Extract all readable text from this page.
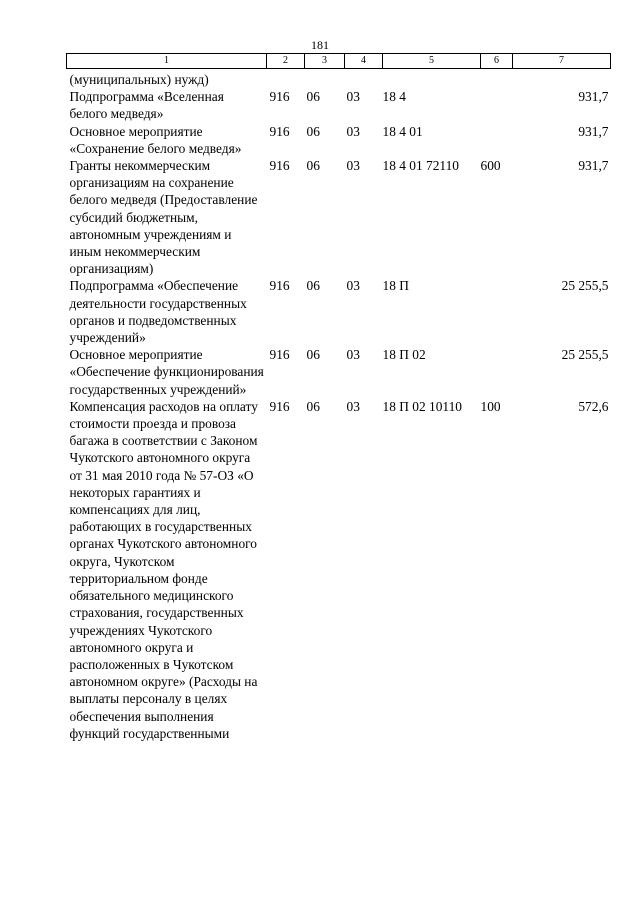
181
1	2	3	4	5	6	7
(муниципальных) нужд)						
Подпрограмма «Вселенная белого медведя»	916	06	03	18 4		931,7
Основное мероприятие «Сохранение белого медведя»	916	06	03	18 4 01		931,7
Гранты некоммерческим организациям на сохранение белого медведя (Предоставление субсидий бюджетным, автономным учреждениям и иным некоммерческим организациям)	916	06	03	18 4 01 72110	600	931,7
Подпрограмма «Обеспечение деятельности государственных органов и подведомственных учреждений»	916	06	03	18 П		25 255,5
Основное мероприятие «Обеспечение функционирования государственных учреждений»	916	06	03	18 П 02		25 255,5
Компенсация расходов на оплату стоимости проезда и провоза багажа в соответствии с Законом Чукотского автономного округа от 31 мая 2010 года № 57-ОЗ «О некоторых гарантиях и компенсациях для лиц, работающих в государственных органах Чукотского автономного округа, Чукотском территориальном фонде обязательного медицинского страхования, государственных учреждениях Чукотского автономного округа и расположенных в Чукотском автономном округе» (Расходы на выплаты персоналу в целях обеспечения выполнения функций государственными	916	06	03	18 П 02 10110	100	572,6
